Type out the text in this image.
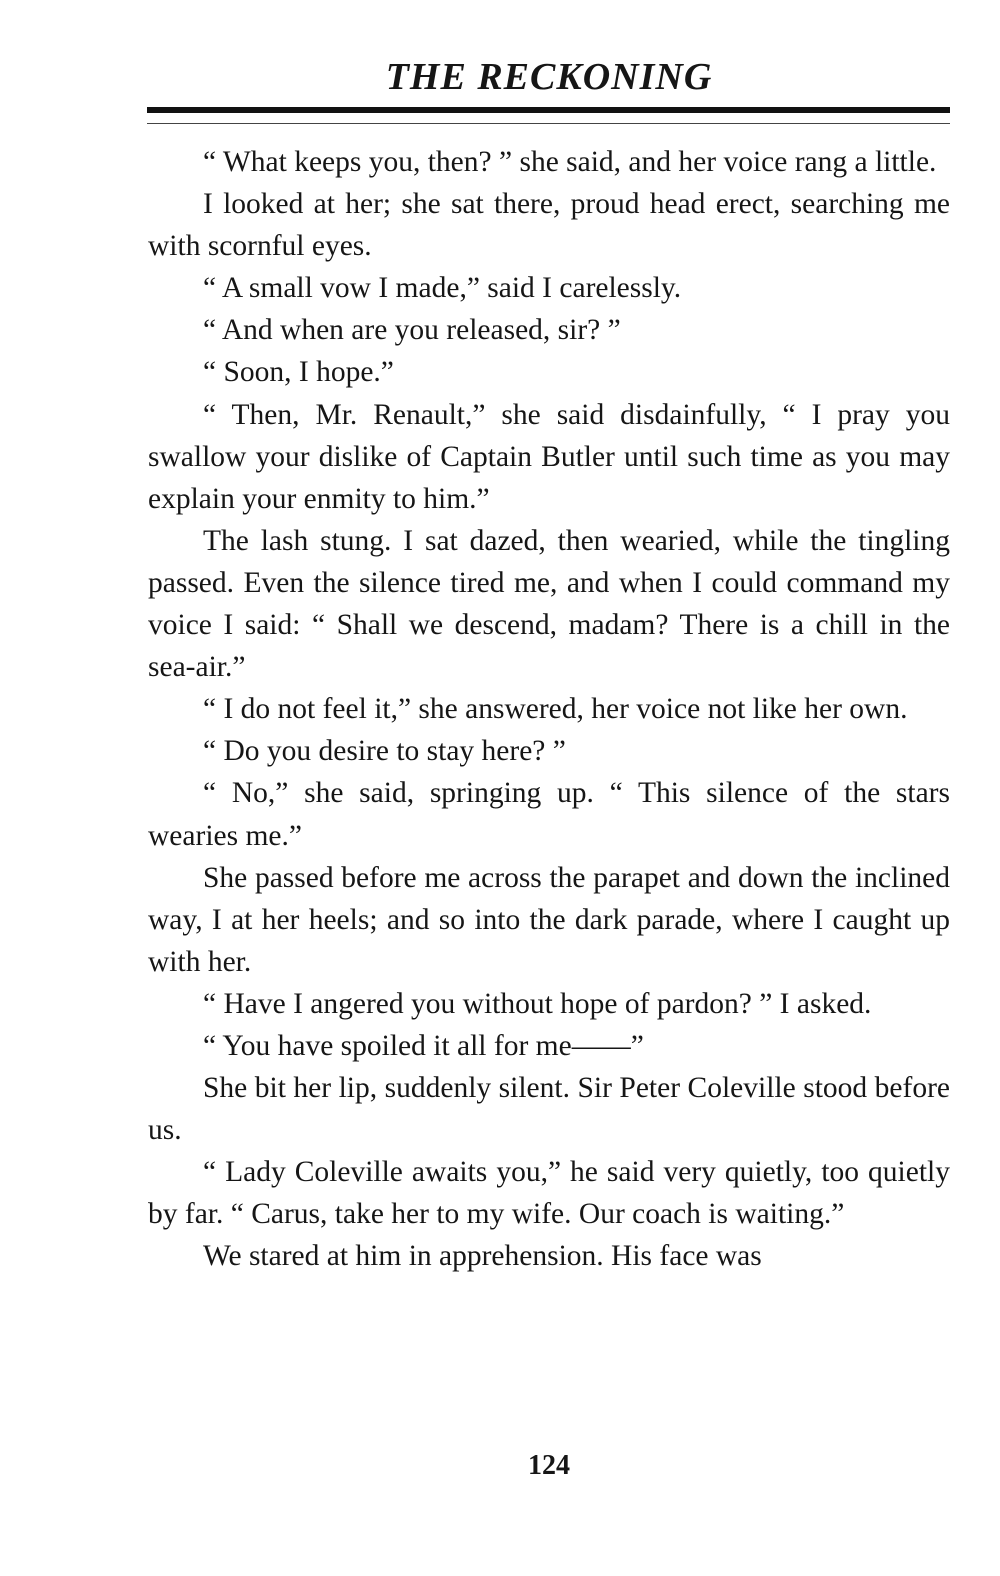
THE RECKONING

“ What keeps you, then? ” she said, and her voice rang a little.

I looked at her; she sat there, proud head erect, searching me with scornful eyes.

“ A small vow I made,” said I carelessly.

“ And when are you released, sir? ”

“ Soon, I hope.”

“ Then, Mr. Renault,” she said disdainfully, “ I pray you swallow your dislike of Captain Butler until such time as you may explain your enmity to him.”

The lash stung. I sat dazed, then wearied, while the tingling passed. Even the silence tired me, and when I could command my voice I said: “ Shall we descend, madam? There is a chill in the sea-air.”

“ I do not feel it,” she answered, her voice not like her own.

“ Do you desire to stay here? ”

“ No,” she said, springing up. “ This silence of the stars wearies me.”

She passed before me across the parapet and down the inclined way, I at her heels; and so into the dark parade, where I caught up with her.

“ Have I angered you without hope of pardon? ” I asked.

“ You have spoiled it all for me——”

She bit her lip, suddenly silent. Sir Peter Coleville stood before us.

“ Lady Coleville awaits you,” he said very quietly, too quietly by far. “ Carus, take her to my wife. Our coach is waiting.”

We stared at him in apprehension. His face was

124
